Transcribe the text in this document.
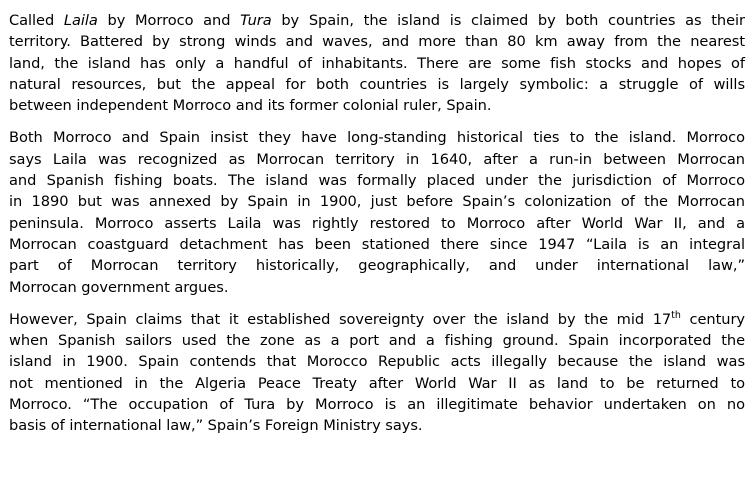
Called Laila by Morroco and Tura by Spain, the island is claimed by both countries as their
territory. Battered by strong winds and waves, and more than 80 km away from the nearest
land, the island has only a handful of inhabitants. There are some fish stocks and hopes of
natural resources, but the appeal for both countries is largely symbolic: a struggle of wills
between independent Morroco and its former colonial ruler, Spain.

Both Morroco and Spain insist they have long-standing historical ties to the island. Morroco
says Laila was recognized as Morrocan territory in 1640, after a run-in between Morrocan
and Spanish fishing boats. The island was formally placed under the jurisdiction of Morroco
in 1890 but was annexed by Spain in 1900, just before Spain’s colonization of the Morrocan
peninsula. Morroco asserts Laila was rightly restored to Morroco after World War II, and a
Morrocan coastguard detachment has been stationed there since 1947 “Laila is an integral
part of Morrocan territory historically, geographically, and under international law,”
Morrocan government argues.

However, Spain claims that it established sovereignty over the island by the mid 17th century
when Spanish sailors used the zone as a port and a fishing ground. Spain incorporated the
island in 1900. Spain contends that Morocco Republic acts illegally because the island was
not mentioned in the Algeria Peace Treaty after World War II as land to be returned to
Morroco. “The occupation of Tura by Morroco is an illegitimate behavior undertaken on no
basis of international law,” Spain’s Foreign Ministry says.
